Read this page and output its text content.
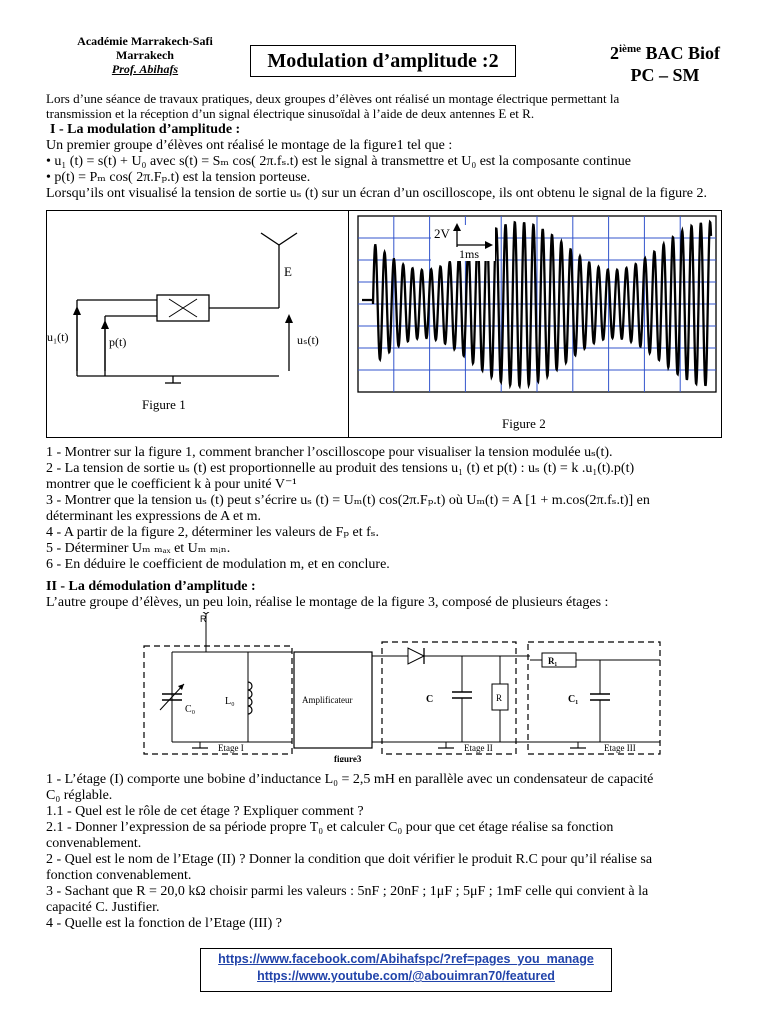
Académie Marrakech-Safi
Marrakech
Prof. Abihafs	Modulation d’amplitude :2	2ième BAC Biof
PC – SM
Lors d’une séance de travaux pratiques, deux groupes d’élèves ont réalisé un montage électrique permettant la
transmission et la réception d’un signal électrique sinusoïdal à l’aide de deux antennes E et R.
I - La modulation d’amplitude :
Un premier groupe d’élèves ont réalisé le montage de la figure1 tel que :
• u₁ (t) = s(t) + U₀ avec s(t) = Sₘ cos( 2π.fₛ.t) est le signal à transmettre et U₀ est la composante continue
• p(t) = Pₘ cos( 2π.Fₚ.t) est la tension porteuse.
Lorsqu’ils ont visualisé la tension de sortie uₛ (t) sur un écran d’un oscilloscope, ils ont obtenu le signal de la figure 2.
E
u₁(t)	p(t)	uₛ(t)
Figure 1
2V
1ms
Figure 2
1 - Montrer sur la figure 1, comment brancher l’oscilloscope pour visualiser la tension modulée uₛ(t).
2 - La tension de sortie uₛ (t) est proportionnelle au produit des tensions u₁ (t) et p(t) : uₛ (t) = k .u₁(t).p(t)
montrer que le coefficient k à pour unité V⁻¹
3 - Montrer que la tension uₛ (t) peut s’écrire uₛ (t) = Uₘ(t) cos(2π.Fₚ.t) où Uₘ(t) = A [1 + m.cos(2π.fₛ.t)] en
déterminant les expressions de A et m.
4 - A partir de la figure 2, déterminer les valeurs de Fₚ et fₛ.
5 - Déterminer Uₘ ₘₐₓ et Uₘ ₘᵢₙ.
6 - En déduire le coefficient de modulation m, et en conclure.
II - La démodulation d’amplitude :
L’autre groupe d’élèves, un peu loin, réalise le montage de la figure 3, composé de plusieurs étages :
R
C₀
L₀
Etage I
Amplificateur	C	R
Etage II
R₁
C₁
Etage III
figure3
1 - L’étage (I) comporte une bobine d’inductance L₀ = 2,5 mH en parallèle avec un condensateur de capacité
C₀ réglable.
1.1 - Quel est le rôle de cet étage ? Expliquer comment ?
2.1 - Donner l’expression de sa période propre T₀ et calculer C₀ pour que cet étage réalise sa fonction
convenablement.
2 - Quel est le nom de l’Etage (II) ? Donner la condition que doit vérifier le produit R.C pour qu’il réalise sa
fonction convenablement.
3 - Sachant que R = 20,0 kΩ choisir parmi les valeurs : 5nF ; 20nF ; 1μF ; 5μF ; 1mF celle qui convient à la
capacité C. Justifier.
4 - Quelle est la fonction de l’Etage (III) ?
https://www.facebook.com/Abihafspc/?ref=pages_you_manage
https://www.youtube.com/@abouimran70/featured
